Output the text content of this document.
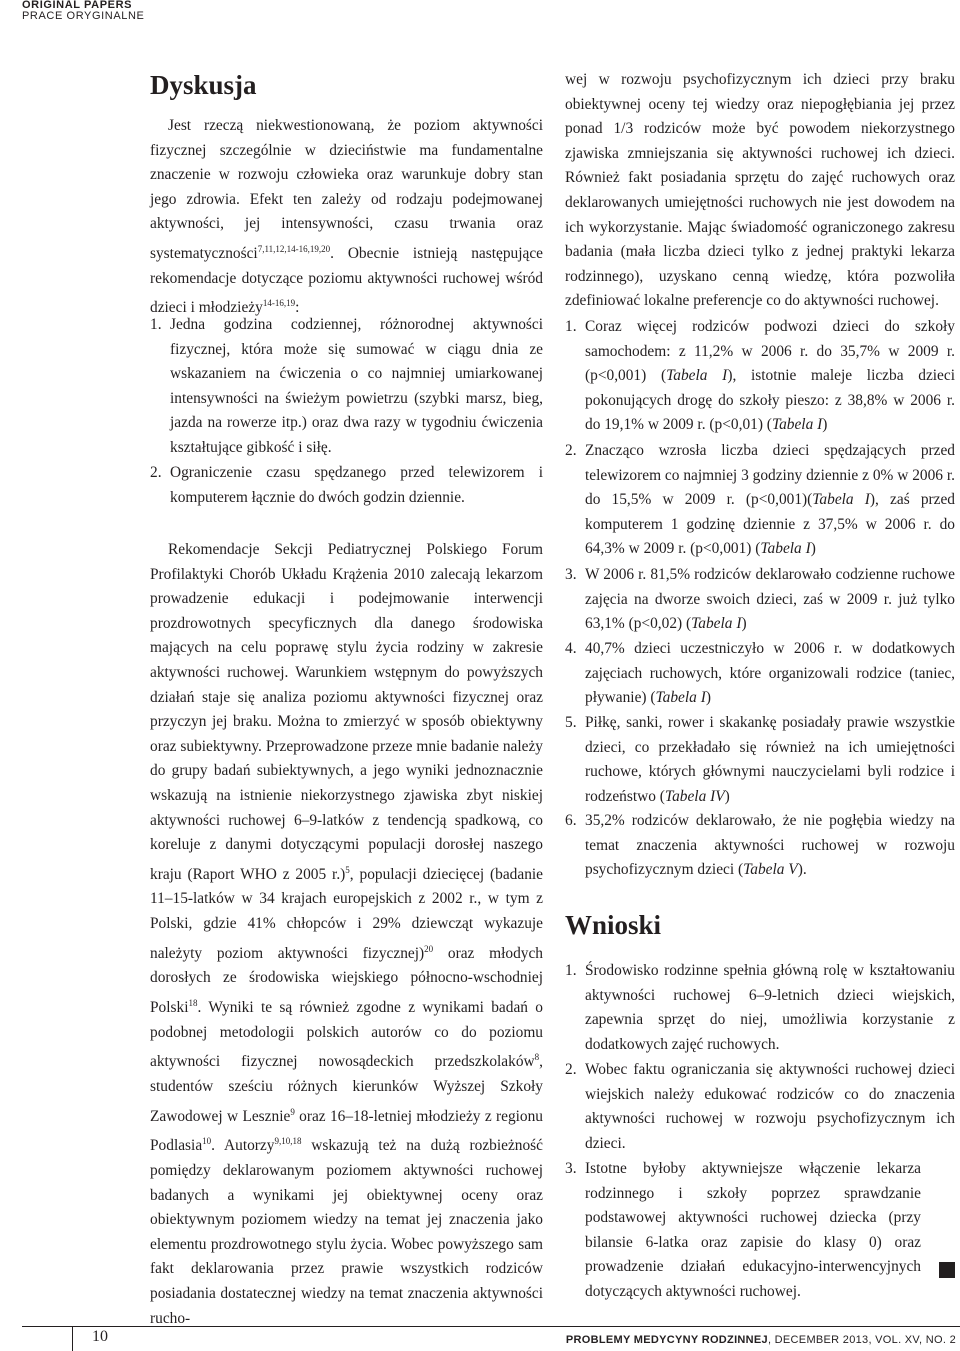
ORIGINAL PAPERS
PRACE ORYGINALNE
Dyskusja

Jest rzeczą niekwestionowaną, że poziom aktywności fizycznej szczególnie w dzieciństwie ma fundamentalne znaczenie w rozwoju człowieka oraz warunkuje dobry stan jego zdrowia. Efekt ten zależy od rodzaju podejmowanej aktywności, jej intensywności, czasu trwania oraz systematyczności$^{7,11,12,14-16,19,20}$. Obecnie istnieją następujące rekomendacje dotyczące poziomu aktywności ruchowej wśród dzieci i młodzieży$^{14-16,19}$:

1. Jedna godzina codziennej, różnorodnej aktywności fizycznej, która może się sumować w ciągu dnia ze wskazaniem na ćwiczenia o co najmniej umiarkowanej intensywności na świeżym powietrzu (szybki marsz, bieg, jazda na rowerze itp.) oraz dwa razy w tygodniu ćwiczenia kształtujące gibkość i siłę.
2. Ograniczenie czasu spędzanego przed telewizorem i komputerem łącznie do dwóch godzin dziennie.

Rekomendacje Sekcji Pediatrycznej Polskiego Forum Profilaktyki Chorób Układu Krążenia 2010 zalecają lekarzom prowadzenie edukacji i podejmowanie interwencji prozdrowotnych specyficznych dla danego środowiska mających na celu poprawę stylu życia rodziny w zakresie aktywności ruchowej. Warunkiem wstępnym do powyższych działań staje się analiza poziomu aktywności fizycznej oraz przyczyn jej braku. Można to zmierzyć w sposób obiektywny oraz subiektywny. Przeprowadzone przeze mnie badanie należy do grupy badań subiektywnych, a jego wyniki jednoznacznie wskazują na istnienie niekorzystnego zjawiska zbyt niskiej aktywności ruchowej 6–9-latków z tendencją spadkową, co koreluje z danymi dotyczącymi populacji dorosłej naszego kraju (Raport WHO z 2005 r.)$^5$, populacji dziecięcej (badanie 11–15-latków w 34 krajach europejskich z 2002 r., w tym z Polski, gdzie 41% chłopców i 29% dziewcząt wykazuje należyty poziom aktywności fizycznej)$^{20}$ oraz młodych dorosłych ze środowiska wiejskiego północno-wschodniej Polski$^{18}$. Wyniki te są również zgodne z wynikami badań o podobnej metodologii polskich autorów co do poziomu aktywności fizycznej nowosądeckich przedszkolaków$^8$, studentów sześciu różnych kierunków Wyższej Szkoły Zawodowej w Lesznie$^9$ oraz 16–18-letniej młodzieży z regionu Podlasia$^{10}$. Autorzy$^{9,10,18}$ wskazują też na dużą rozbieżność pomiędzy deklarowanym poziomem aktywności ruchowej badanych a wynikami jej obiektywnej oceny oraz obiektywnym poziomem wiedzy na temat jej znaczenia jako elementu prozdrowotnego stylu życia. Wobec powyższego sam fakt deklarowania przez prawie wszystkich rodziców posiadania dostatecznej wiedzy na temat znaczenia aktywności rucho-

wej w rozwoju psychofizycznym ich dzieci przy braku obiektywnej oceny tej wiedzy oraz niepogłębiania jej przez ponad 1/3 rodziców może być powodem niekorzystnego zjawiska zmniejszania się aktywności ruchowej ich dzieci. Również fakt posiadania sprzętu do zajęć ruchowych oraz deklarowanych umiejętności ruchowych nie jest dowodem na ich wykorzystanie. Mając świadomość ograniczonego zakresu badania (mała liczba dzieci tylko z jednej praktyki lekarza rodzinnego), uzyskano cenną wiedzę, która pozwoliła zdefiniować lokalne preferencje co do aktywności ruchowej.

1. Coraz więcej rodziców podwozi dzieci do szkoły samochodem: z 11,2% w 2006 r. do 35,7% w 2009 r. (p<0,001) (Tabela I), istotnie maleje liczba dzieci pokonujących drogę do szkoły pieszo: z 38,8% w 2006 r. do 19,1% w 2009 r. (p<0,01) (Tabela I)
2. Znacząco wzrosła liczba dzieci spędzających przed telewizorem co najmniej 3 godziny dziennie z 0% w 2006 r. do 15,5% w 2009 r. (p<0,001)(Tabela I), zaś przed komputerem 1 godzinę dziennie z 37,5% w 2006 r. do 64,3% w 2009 r. (p<0,001) (Tabela I)
3. W 2006 r. 81,5% rodziców deklarowało codzienne ruchowe zajęcia na dworze swoich dzieci, zaś w 2009 r. już tylko 63,1% (p<0,02) (Tabela I)
4. 40,7% dzieci uczestniczyło w 2006 r. w dodatkowych zajęciach ruchowych, które organizowali rodzice (taniec, pływanie) (Tabela I)
5. Piłkę, sanki, rower i skakankę posiadały prawie wszystkie dzieci, co przekładało się również na ich umiejętności ruchowe, których głównymi nauczycielami byli rodzice i rodzeństwo (Tabela IV)
6. 35,2% rodziców deklarowało, że nie pogłębia wiedzy na temat znaczenia aktywności ruchowej w rozwoju psychofizycznym dzieci (Tabela V).
Wnioski
1. Środowisko rodzinne spełnia główną rolę w kształtowaniu aktywności ruchowej 6–9-letnich dzieci wiejskich, zapewnia sprzęt do niej, umożliwia korzystanie z dodatkowych zajęć ruchowych.
2. Wobec faktu ograniczania się aktywności ruchowej dzieci wiejskich należy edukować rodziców co do znaczenia aktywności ruchowej w rozwoju psychofizycznym ich dzieci.
3. Istotne byłoby aktywniejsze włączenie lekarza rodzinnego i szkoły poprzez sprawdzanie podstawowej aktywności ruchowej dziecka (przy bilansie 6-latka oraz zapisie do klasy 0) oraz prowadzenie działań edukacyjno-interwencyjnych dotyczących aktywności ruchowej.
10	PROBLEMY MEDYCYNY RODZINNEJ, DECEMBER 2013, VOL. XV, NO. 2
